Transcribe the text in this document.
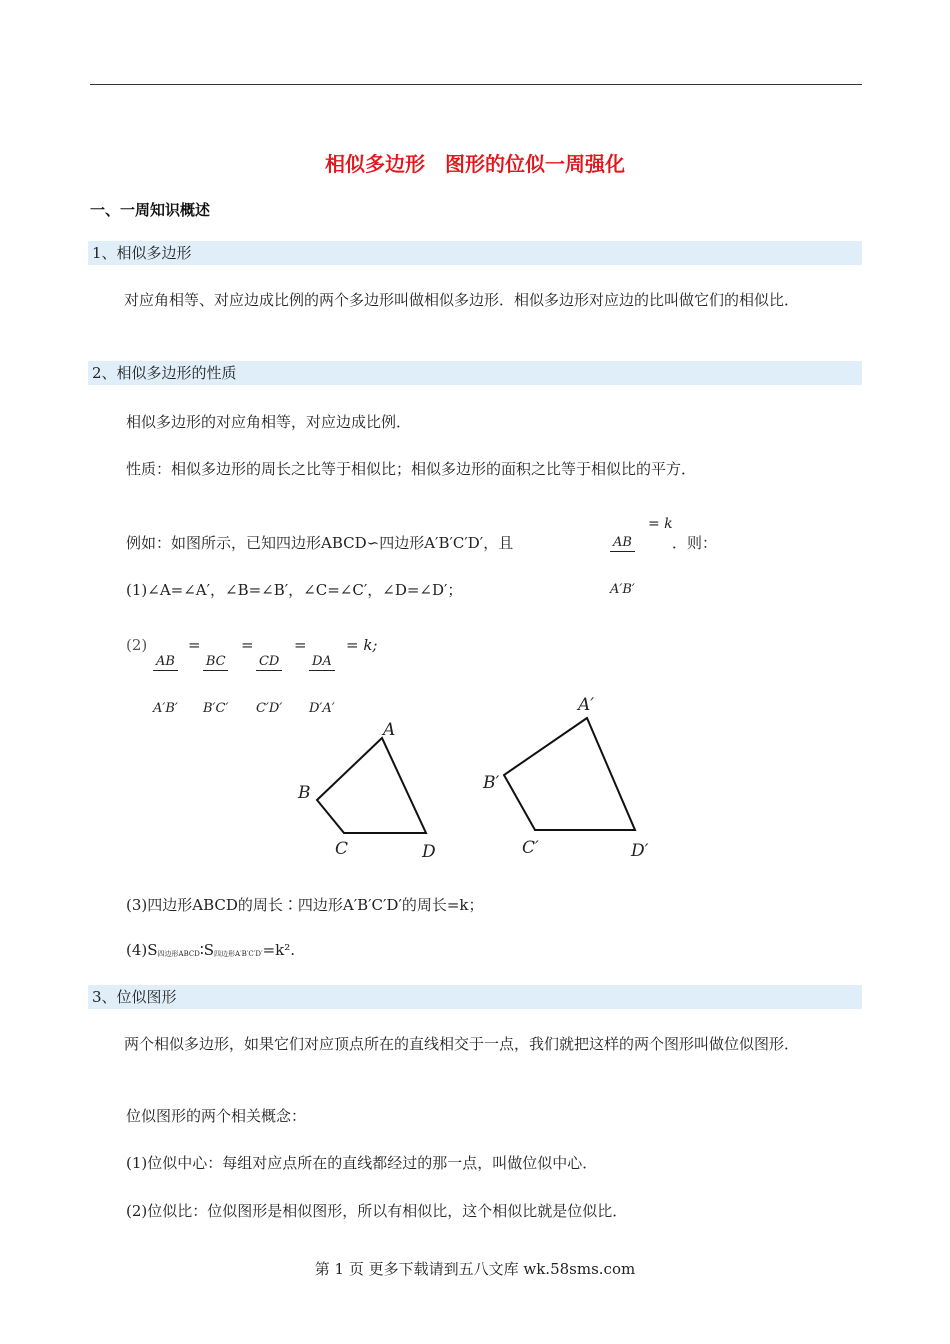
相似多边形　图形的位似一周强化
一、一周知识概述
1、相似多边形
对应角相等、对应边成比例的两个多边形叫做相似多边形．相似多边形对应边的比叫做它们的相似比．
2、相似多边形的性质
相似多边形的对应角相等，对应边成比例．
性质：相似多边形的周长之比等于相似比；相似多边形的面积之比等于相似比的平方．

例如：如图所示，已知四边形ABCD∽四边形A′B′C′D′，且

	$\frac{AB}{A'B'}$

= k

．则：

(1)∠A=∠A′，∠B=∠B′，∠C=∠C′，∠D=∠D′；

(2)

$\frac{AB}{A'B'}$

=

$\frac{BC}{B'C'}$

=

$\frac{CD}{C'D'}$

=

$\frac{DA}{D'A'}$

= k;

A
B
C	D
A′
B′
C′	D′
(3)四边形ABCD的周长∶四边形A′B′C′D′的周长=k；
(4)S四边形ABCD∶S四边形A′B′C′D′=k².
3、位似图形
两个相似多边形，如果它们对应顶点所在的直线相交于一点，我们就把这样的两个图形叫做位似图形．
位似图形的两个相关概念：
(1)位似中心：每组对应点所在的直线都经过的那一点，叫做位似中心．
(2)位似比：位似图形是相似图形，所以有相似比，这个相似比就是位似比．
第 1 页 更多下载请到五八文库 wk.58sms.com
